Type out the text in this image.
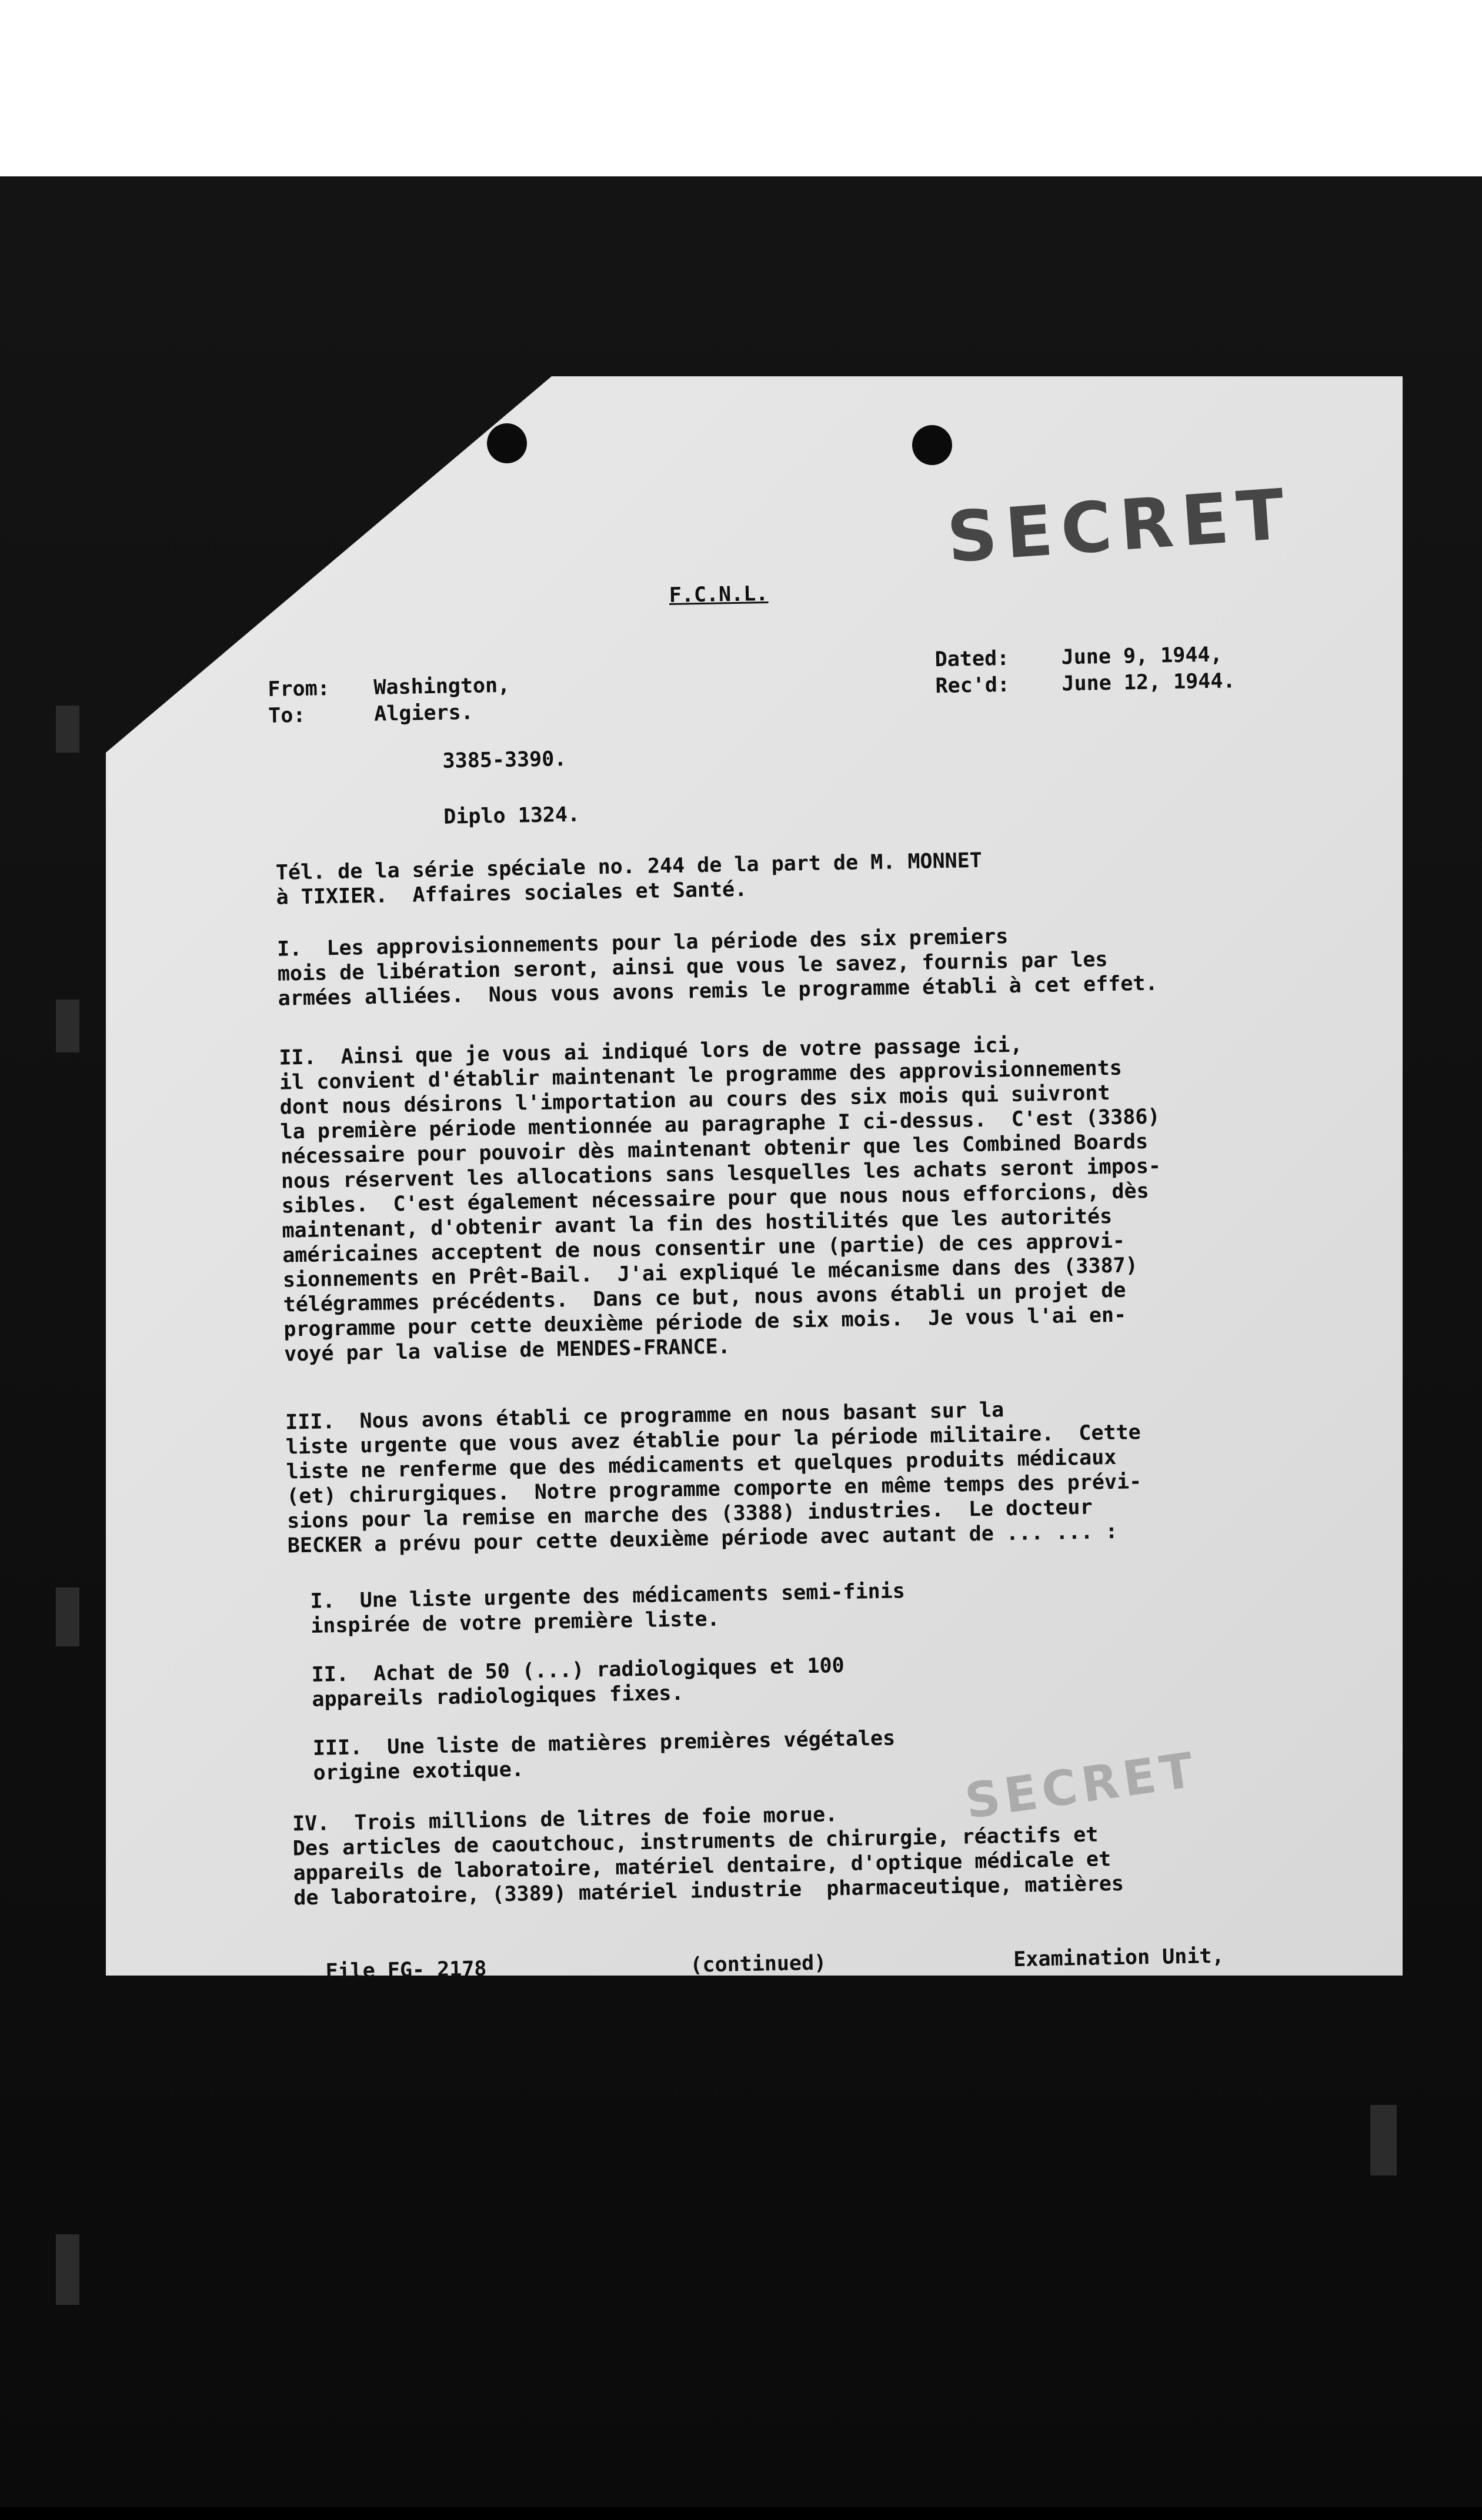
SECRET
SECRET
F.C.N.L.
From: Washington,
To:	Algiers.
Dated:	June 9, 1944,
Rec'd:	June 12, 1944.
3385-3390.
Diplo 1324.
Tél. de la série spéciale no. 244 de la part de M. MONNET
à TIXIER.  Affaires sociales et Santé.
I.  Les approvisionnements pour la période des six premiers
mois de libération seront, ainsi que vous le savez, fournis par les
armées alliées.  Nous vous avons remis le programme établi à cet effet.
II.  Ainsi que je vous ai indiqué lors de votre passage ici,
il convient d'établir maintenant le programme des approvisionnements
dont nous désirons l'importation au cours des six mois qui suivront
la première période mentionnée au paragraphe I ci-dessus.  C'est (3386)
nécessaire pour pouvoir dès maintenant obtenir que les Combined Boards
nous réservent les allocations sans lesquelles les achats seront impos-
sibles.  C'est également nécessaire pour que nous nous efforcions, dès
maintenant, d'obtenir avant la fin des hostilités que les autorités
américaines acceptent de nous consentir une (partie) de ces approvi-
sionnements en Prêt-Bail.  J'ai expliqué le mécanisme dans des (3387)
télégrammes précédents.  Dans ce but, nous avons établi un projet de
programme pour cette deuxième période de six mois.  Je vous l'ai en-
voyé par la valise de MENDES-FRANCE.
III.  Nous avons établi ce programme en nous basant sur la
liste urgente que vous avez établie pour la période militaire.  Cette
liste ne renferme que des médicaments et quelques produits médicaux
(et) chirurgiques.  Notre programme comporte en même temps des prévi-
sions pour la remise en marche des (3388) industries.  Le docteur
BECKER a prévu pour cette deuxième période avec autant de ... ... :
I.  Une liste urgente des médicaments semi-finis
inspirée de votre première liste.
II.  Achat de 50 (...) radiologiques et 100
appareils radiologiques fixes.
III.  Une liste de matières premières végétales
origine exotique.
IV.  Trois millions de litres de foie morue.
Des articles de caoutchouc, instruments de chirurgie, réactifs et
appareils de laboratoire, matériel dentaire, d'optique médicale et
de laboratoire, (3389) matériel industrie  pharmaceutique, matières
File FG- 2178	(continued)	Examination Unit,
